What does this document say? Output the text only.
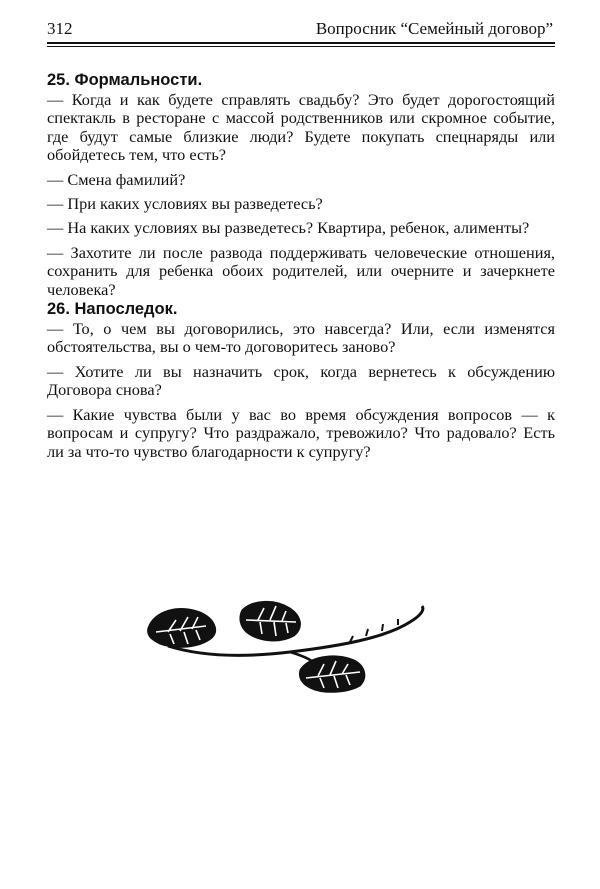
312	Вопросник “Семейный договор”
25. Формальности.

— Когда и как будете справлять свадьбу? Это будет дорогостоящий спектакль в ресторане с массой родственников или скромное событие, где будут самые близкие люди? Будете покупать спецнаряды или обойдетесь тем, что есть?

— Смена фамилий?

— При каких условиях вы разведетесь?

— На каких условиях вы разведетесь? Квартира, ребенок, алименты?

— Захотите ли после развода поддерживать человеческие отношения, сохранить для ребенка обоих родителей, или очерните и зачеркнете человека?

26. Напоследок.

— То, о чем вы договорились, это навсегда? Или, если изменятся обстоятельства, вы о чем-то договоритесь заново?

— Хотите ли вы назначить срок, когда вернетесь к обсуждению Договора снова?

— Какие чувства были у вас во время обсуждения вопросов — к вопросам и супругу? Что раздражало, тревожило? Что радовало? Есть ли за что-то чувство благодарности к супругу?
